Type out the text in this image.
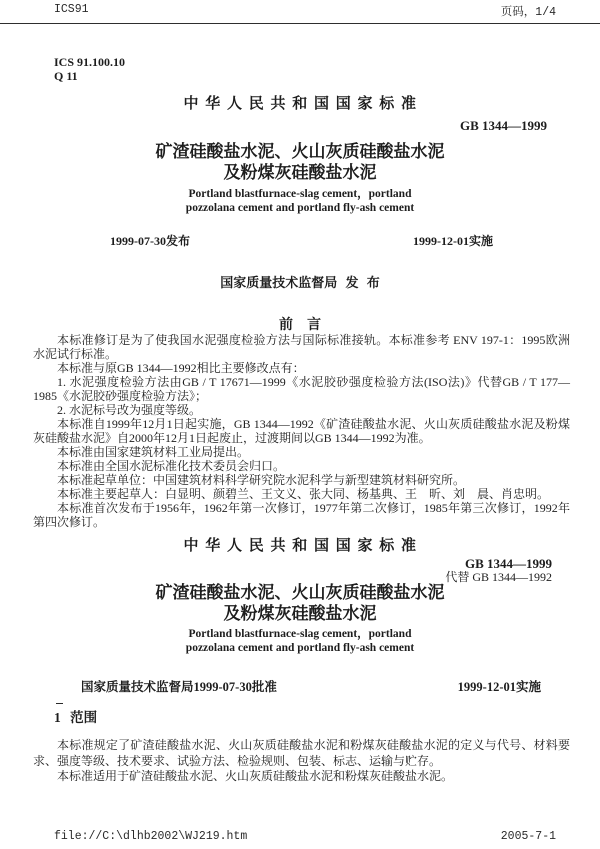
ICS91	页码，1/4
ICS 91.100.10
Q 11
中 华 人 民 共 和 国 国 家 标 准
GB 1344—1999
矿渣硅酸盐水泥、火山灰质硅酸盐水泥
及粉煤灰硅酸盐水泥
Portland blastfurnace-slag cement，portland
pozzolana cement and portland fly-ash cement
1999-07-30发布	1999-12-01实施
国家质量技术监督局 发 布
前　言

本标准修订是为了使我国水泥强度检验方法与国际标准接轨。本标准参考 ENV 197-1：1995欧洲水泥试行标准。

本标准与原GB 1344—1992相比主要修改点有：

1. 水泥强度检验方法由GB / T 17671—1999《水泥胶砂强度检验方法(ISO法)》代替GB / T 177—1985《水泥胶砂强度检验方法》；

2. 水泥标号改为强度等级。

本标准自1999年12月1日起实施，GB 1344—1992《矿渣硅酸盐水泥、火山灰质硅酸盐水泥及粉煤灰硅酸盐水泥》自2000年12月1日起废止，过渡期间以GB 1344—1992为准。

本标准由国家建筑材料工业局提出。

本标准由全国水泥标准化技术委员会归口。

本标准起草单位：中国建筑材料科学研究院水泥科学与新型建筑材料研究所。

本标准主要起草人：白显明、颜碧兰、王文义、张大同、杨基典、王　昕、刘　晨、肖忠明。

本标准首次发布于1956年，1962年第一次修订，1977年第二次修订，1985年第三次修订，1992年第四次修订。

中 华 人 民 共 和 国 国 家 标 准
GB 1344—1999
代替 GB 1344—1992
矿渣硅酸盐水泥、火山灰质硅酸盐水泥
及粉煤灰硅酸盐水泥
Portland blastfurnace-slag cement，portland
pozzolana cement and portland fly-ash cement
国家质量技术监督局1999-07-30批准	1999-12-01实施
1 范围

本标准规定了矿渣硅酸盐水泥、火山灰质硅酸盐水泥和粉煤灰硅酸盐水泥的定义与代号、材料要求、强度等级、技术要求、试验方法、检验规则、包装、标志、运输与贮存。

本标准适用于矿渣硅酸盐水泥、火山灰质硅酸盐水泥和粉煤灰硅酸盐水泥。

file://C:\dlhb2002\WJ219.htm	2005-7-1
